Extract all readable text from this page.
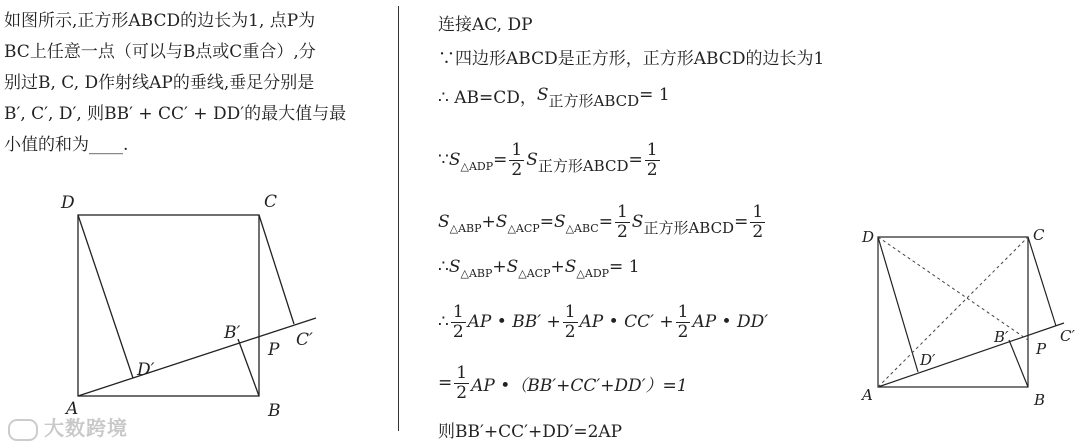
如图所示,正方形ABCD的边长为1, 点P为
BC上任意一点（可以与B点或C重合）,分
别过B, C, D作射线AP的垂线,垂足分别是
B′, C′, D′, 则BB′ + CC′ + DD′的最大值与最
小值的和为____.
D	C
A	B
P
B′	C′
D′
连接AC, DP
∵四边形ABCD是正方形，正方形ABCD的边长为1
∴ AB=CD， S 正方形ABCD = 1
∵ S △ADP = $\frac{1}{2}$ S 正方形ABCD = $\frac{1}{2}$
S △ABP + S △ACP = S △ABC = $\frac{1}{2}$ S 正方形ABCD = $\frac{1}{2}$
∴ S △ABP + S △ACP + S △ADP = 1
∴ $\frac{1}{2}$ AP • $BB' + \frac{1}{2}$ AP • $CC' + \frac{1}{2}$ AP • DD′
= $\frac{1}{2}$ AP •（BB′+CC′+DD′）=1
则BB′+CC′+DD′=2AP
D	C
A	B
P
B′	C′
D′
大数跨境
